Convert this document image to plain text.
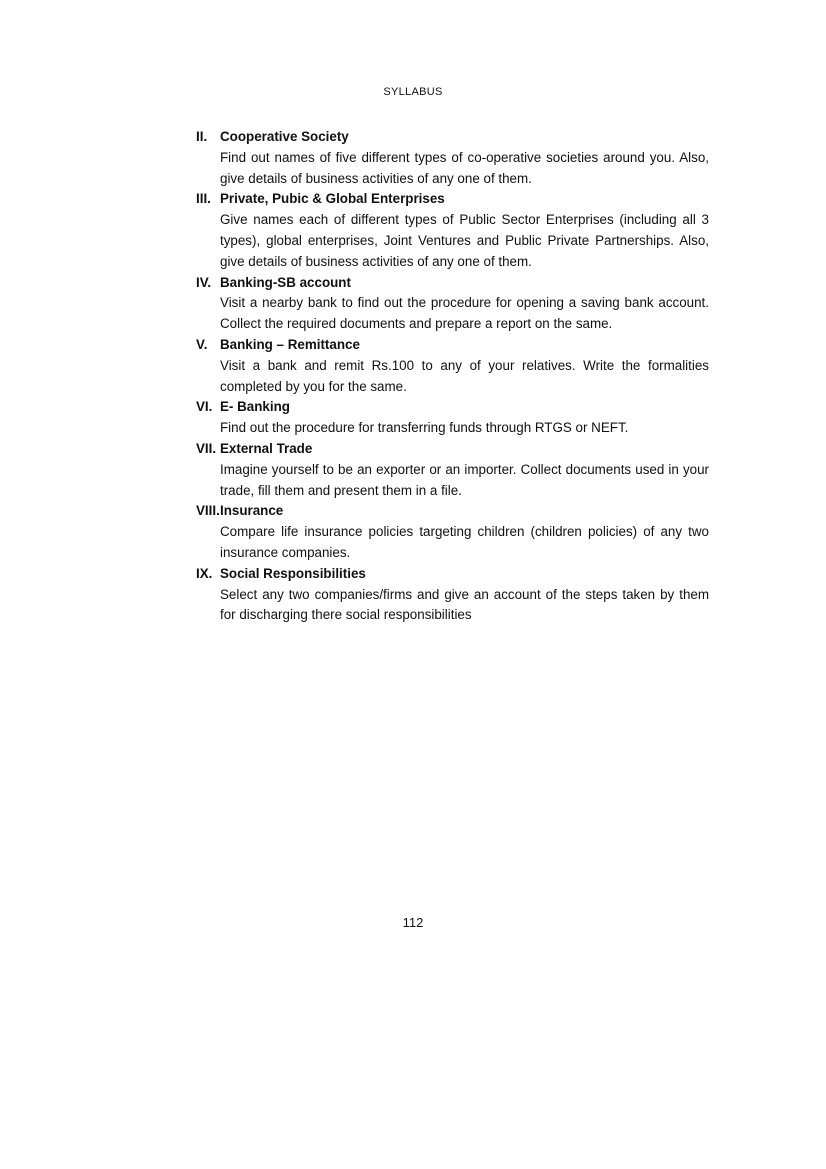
SYLLABUS
II. Cooperative Society

Find out names of five different types of co-operative societies around you. Also, give details of business activities of any one of them.

III. Private, Pubic & Global Enterprises

Give names each of different types of Public Sector Enterprises (including all 3 types), global enterprises, Joint Ventures and Public Private Partnerships. Also, give details of business activities of any one of them.

IV. Banking-SB account

Visit a nearby bank to find out the procedure for opening a saving bank account. Collect the required documents and prepare a report on the same.

V. Banking – Remittance

Visit a bank and remit Rs.100 to any of your relatives. Write the formalities completed by you for the same.

VI. E- Banking

Find out the procedure for transferring funds through RTGS or NEFT.

VII. External Trade

Imagine yourself to be an exporter or an importer. Collect documents used in your trade, fill them and present them in a file.

VIII. Insurance

Compare life insurance policies targeting children (children policies) of any two insurance companies.

IX. Social Responsibilities

Select any two companies/firms and give an account of the steps taken by them for discharging there social responsibilities

112
